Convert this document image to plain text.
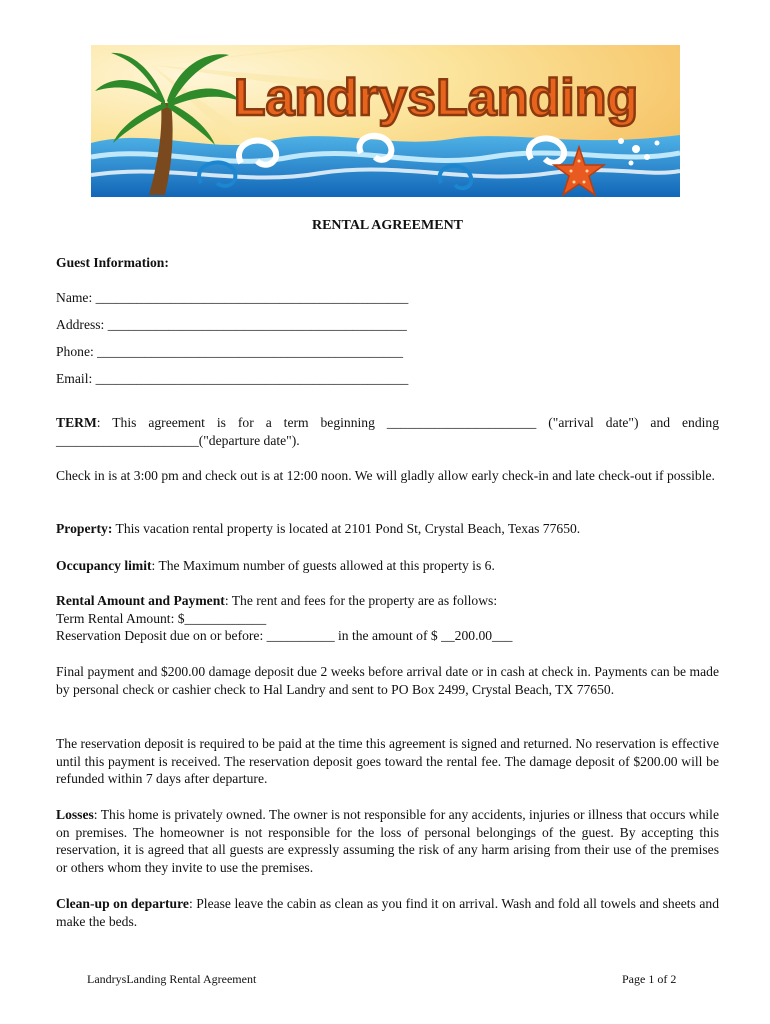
LandrysLanding
RENTAL AGREEMENT
Guest Information:
Name: ______________________________________________
Address: ____________________________________________
Phone: _____________________________________________
Email: ______________________________________________
TERM: This agreement is for a term beginning ______________________ ("arrival date") and ending _____________________("departure date").
Check in is at 3:00 pm and check out is at 12:00 noon. We will gladly allow early check-in and late check-out if possible.
Property: This vacation rental property is located at 2101 Pond St, Crystal Beach, Texas 77650.
Occupancy limit: The Maximum number of guests allowed at this property is 6.
Rental Amount and Payment: The rent and fees for the property are as follows:
Term Rental Amount: $____________
Reservation Deposit due on or before: __________ in the amount of $ __200.00___
Final payment and $200.00 damage deposit due 2 weeks before arrival date or in cash at check in. Payments can be made by personal check or cashier check to Hal Landry and sent to PO Box 2499, Crystal Beach, TX 77650.
The reservation deposit is required to be paid at the time this agreement is signed and returned. No reservation is effective until this payment is received. The reservation deposit goes toward the rental fee. The damage deposit of $200.00 will be refunded within 7 days after departure.
Losses: This home is privately owned. The owner is not responsible for any accidents, injuries or illness that occurs while on premises. The homeowner is not responsible for the loss of personal belongings of the guest. By accepting this reservation, it is agreed that all guests are expressly assuming the risk of any harm arising from their use of the premises or others whom they invite to use the premises.
Clean-up on departure: Please leave the cabin as clean as you find it on arrival. Wash and fold all towels and sheets and make the beds.
LandrysLanding Rental Agreement	Page 1 of 2
